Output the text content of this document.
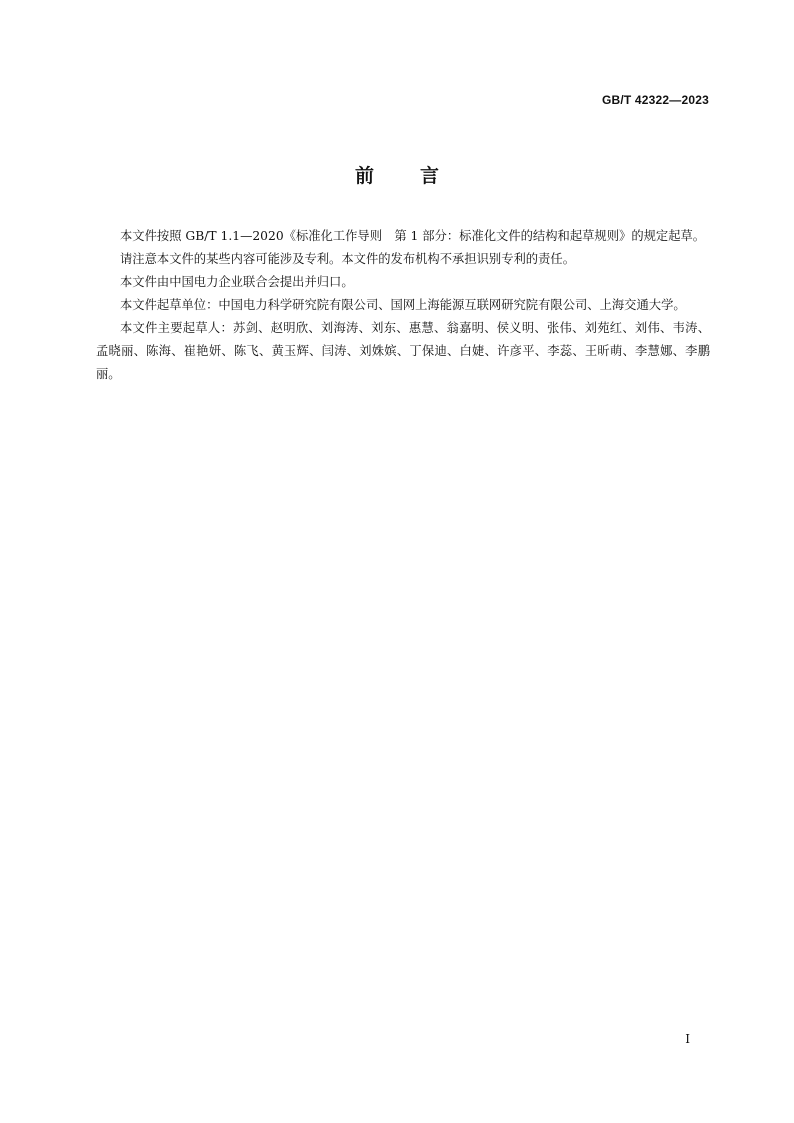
GB/T 42322—2023
前 言

本文件按照 GB/T 1.1—2020《标准化工作导则　第 1 部分：标准化文件的结构和起草规则》的规定起草。

请注意本文件的某些内容可能涉及专利。本文件的发布机构不承担识别专利的责任。

本文件由中国电力企业联合会提出并归口。

本文件起草单位：中国电力科学研究院有限公司、国网上海能源互联网研究院有限公司、上海交通大学。

本文件主要起草人：苏剑、赵明欣、刘海涛、刘东、惠慧、翁嘉明、侯义明、张伟、刘苑红、刘伟、韦涛、孟晓丽、陈海、崔艳妍、陈飞、黄玉辉、闫涛、刘姝嫔、丁保迪、白婕、许彦平、李蕊、王昕萌、李慧娜、李鹏丽。

I
